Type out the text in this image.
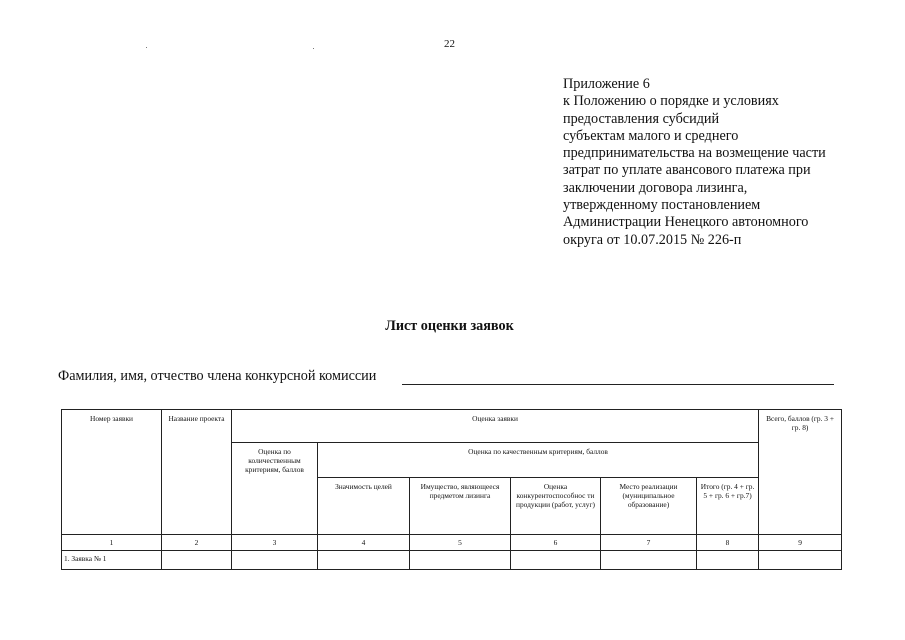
22
Приложение 6
к Положению о порядке и условиях
предоставления субсидий
субъектам малого и среднего
предпринимательства на возмещение части
затрат по уплате авансового платежа при
заключении договора лизинга,
утвержденному постановлением
Администрации Ненецкого автономного
округа от 10.07.2015 № 226-п
Лист оценки заявок
Фамилия, имя, отчество члена конкурсной комиссии
Номер заявки	Название проекта	Оценка заявки						Всего, баллов (гр. 3 + гр. 8)
		Оценка по количественным критериям, баллов	Оценка по качественным критериям, баллов					
			Значимость целей	Имущество, являющееся предметом лизинга	Оценка конкурентоспособнос ти продукции (работ, услуг)	Место реализации (муниципальное образование)	Итого (гр. 4 + гр. 5 + гр. 6 + гр.7)	
1	2	3	4	5	6	7	8	9
1. Заявка № 1								
